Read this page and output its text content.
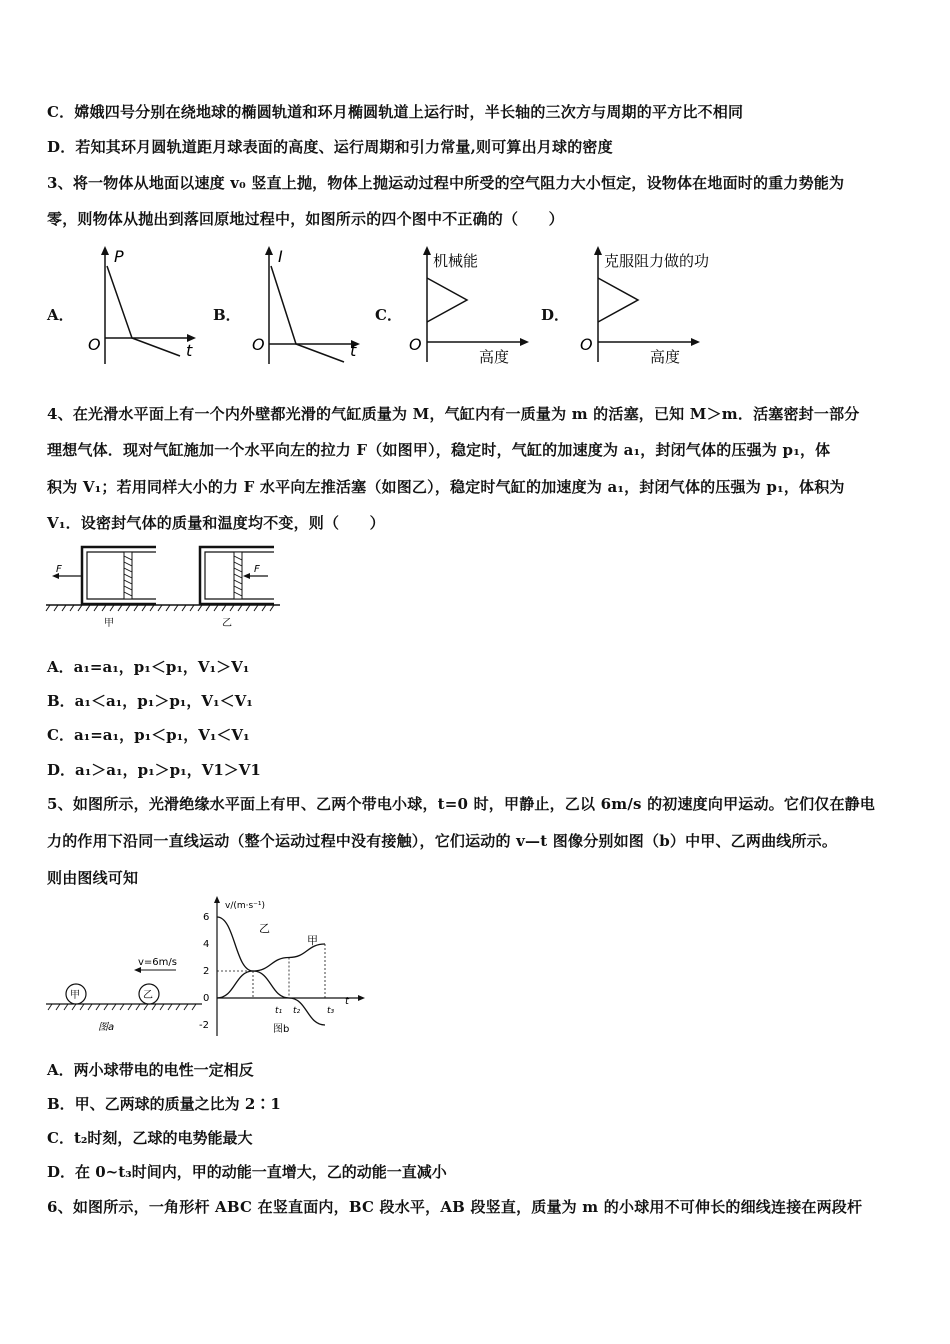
C．嫦娥四号分别在绕地球的椭圆轨道和环月椭圆轨道上运行时，半长轴的三次方与周期的平方比不相同
D．若知其环月圆轨道距月球表面的高度、运行周期和引力常量,则可算出月球的密度
3、将一物体从地面以速度 v₀ 竖直上抛，物体上抛运动过程中所受的空气阻力大小恒定，设物体在地面时的重力势能为
零，则物体从抛出到落回原地过程中，如图所示的四个图中不正确的（　　）
A．	B．	C．	D．
P
O	t
I
O	t
机械能
O
高度
克服阻力做的功
O
高度
4、在光滑水平面上有一个内外壁都光滑的气缸质量为 M，气缸内有一质量为 m 的活塞，已知 M＞m．活塞密封一部分
理想气体．现对气缸施加一个水平向左的拉力 F（如图甲），稳定时，气缸的加速度为 a₁，封闭气体的压强为 p₁，体
积为 V₁；若用同样大小的力 F 水平向左推活塞（如图乙），稳定时气缸的加速度为 a₁，封闭气体的压强为 p₁，体积为
V₁．设密封气体的质量和温度均不变，则（　　）
F
甲
F
乙
A．a₁=a₁，p₁＜p₁，V₁＞V₁
B．a₁＜a₁，p₁＞p₁，V₁＜V₁
C．a₁=a₁，p₁＜p₁，V₁＜V₁
D．a₁＞a₁，p₁＞p₁，V1＞V1
5、如图所示，光滑绝缘水平面上有甲、乙两个带电小球，t=0 时，甲静止，乙以 6m/s 的初速度向甲运动。它们仅在静电
力的作用下沿同一直线运动（整个运动过程中没有接触），它们运动的 v—t 图像分别如图（b）中甲、乙两曲线所示。
则由图线可知
甲	乙
v=6m/s
图a
v/(m·s⁻¹)
6
4
2
0
-2
乙
甲
t₁ t₂	t₃
t
图b
A．两小球带电的电性一定相反
B．甲、乙两球的质量之比为 2∶1
C．t₂时刻，乙球的电势能最大
D．在 0~t₃时间内，甲的动能一直增大，乙的动能一直减小
6、如图所示，一角形杆 ABC 在竖直面内，BC 段水平，AB 段竖直，质量为 m 的小球用不可伸长的细线连接在两段杆
